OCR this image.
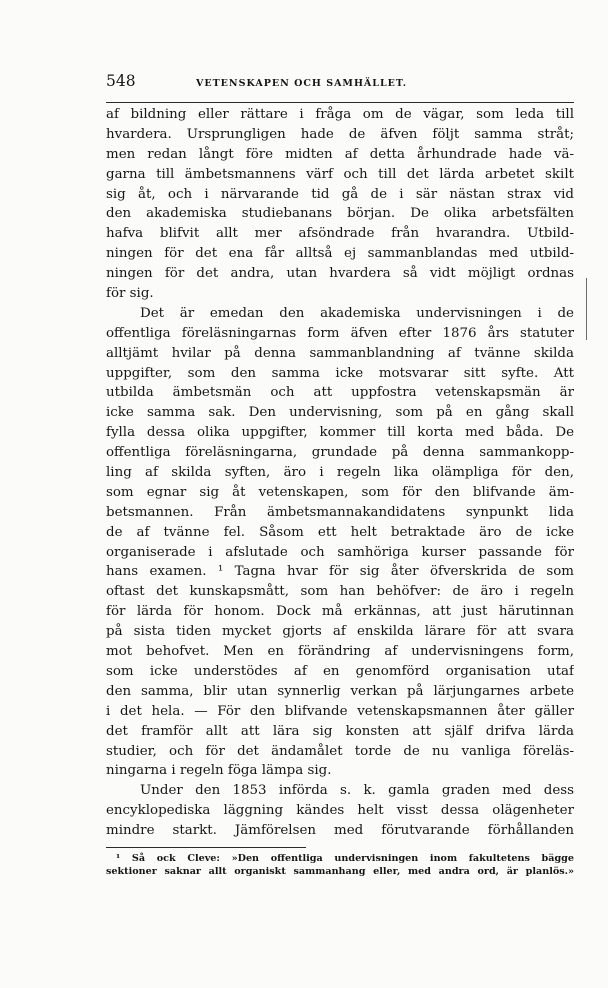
548	VETENSKAPEN OCH SAMHÄLLET.
af bildning eller rättare i fråga om de vägar, som leda till
hvardera. Ursprungligen hade de äfven följt samma stråt;
men redan långt före midten af detta århundrade hade vä-
garna till ämbetsmannens värf och till det lärda arbetet skilt
sig åt, och i närvarande tid gå de i sär nästan strax vid
den akademiska studiebanans början. De olika arbetsfälten
hafva blifvit allt mer afsöndrade från hvarandra. Utbild-
ningen för det ena får alltså ej sammanblandas med utbild-
ningen för det andra, utan hvardera så vidt möjligt ordnas
för sig.
Det är emedan den akademiska undervisningen i de
offentliga föreläsningarnas form äfven efter 1876 års statuter
alltjämt hvilar på denna sammanblandning af tvänne skilda
uppgifter, som den samma icke motsvarar sitt syfte. Att
utbilda ämbetsmän och att uppfostra vetenskapsmän är
icke samma sak. Den undervisning, som på en gång skall
fylla dessa olika uppgifter, kommer till korta med båda. De
offentliga föreläsningarna, grundade på denna sammankopp-
ling af skilda syften, äro i regeln lika olämpliga för den,
som egnar sig åt vetenskapen, som för den blifvande äm-
betsmannen. Från ämbetsmannakandidatens synpunkt lida
de af tvänne fel. Såsom ett helt betraktade äro de icke
organiserade i afslutade och samhöriga kurser passande för
hans examen. ¹ Tagna hvar för sig åter öfverskrida de som
oftast det kunskapsmått, som han behöfver: de äro i regeln
för lärda för honom. Dock må erkännas, att just härutinnan
på sista tiden mycket gjorts af enskilda lärare för att svara
mot behofvet. Men en förändring af undervisningens form,
som icke understödes af en genomförd organisation utaf
den samma, blir utan synnerlig verkan på lärjungarnes arbete
i det hela. — För den blifvande vetenskapsmannen åter gäller
det framför allt att lära sig konsten att själf drifva lärda
studier, och för det ändamålet torde de nu vanliga föreläs-
ningarna i regeln föga lämpa sig.
Under den 1853 införda s. k. gamla graden med dess
encyklopediska läggning kändes helt visst dessa olägenheter
mindre starkt. Jämförelsen med förutvarande förhållanden
¹ Så ock Cleve: »Den offentliga undervisningen inom fakultetens bägge
sektioner saknar allt organiskt sammanhang eller, med andra ord, är planlös.»
